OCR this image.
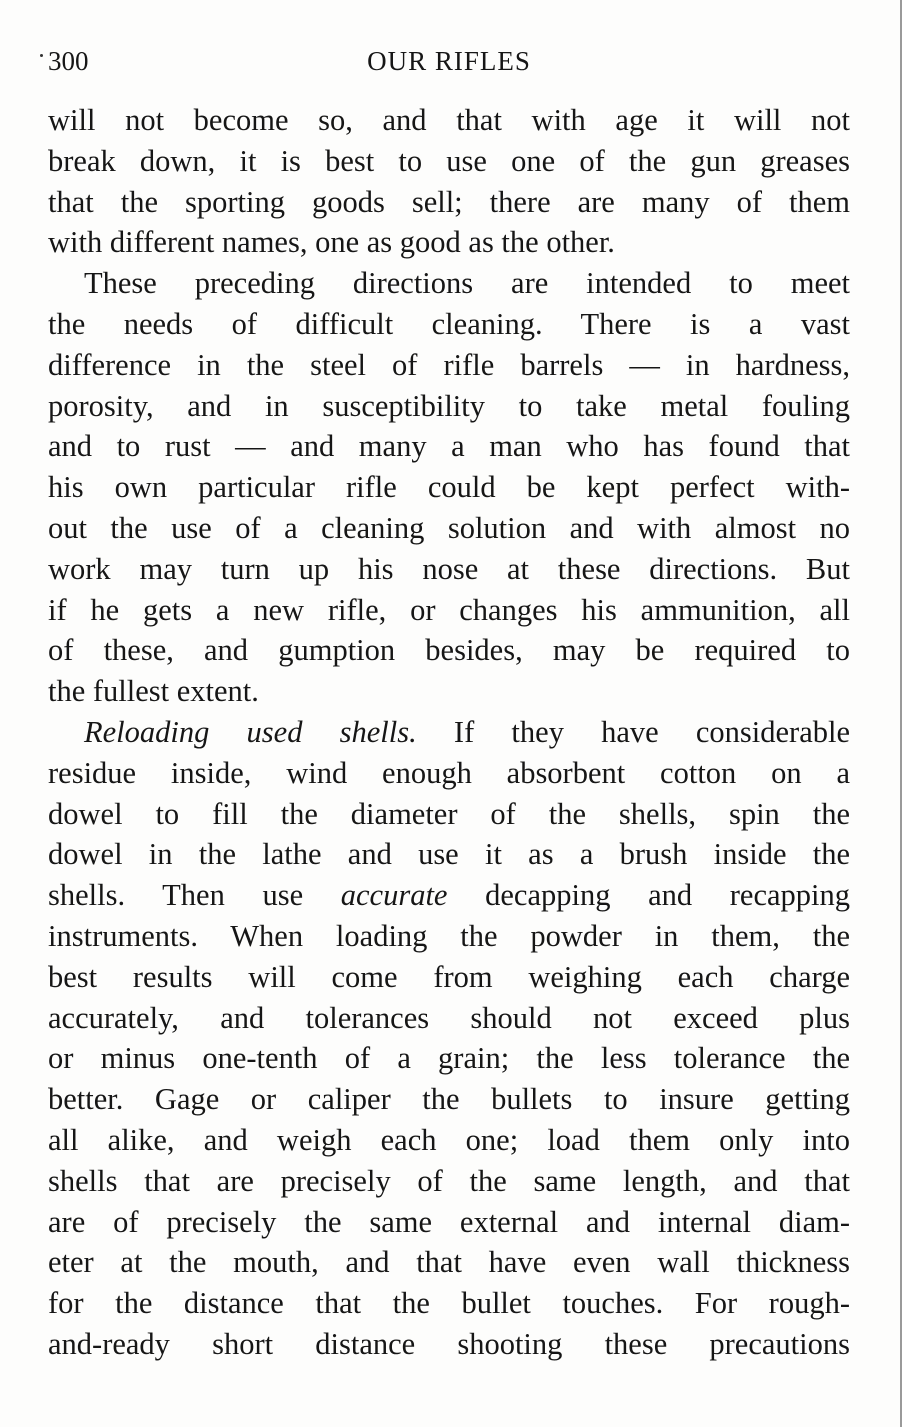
300	OUR RIFLES

will not become so, and that with age it will not
break down, it is best to use one of the gun greases
that the sporting goods sell; there are many of them
with different names, one as good as the other.

These preceding directions are intended to meet
the needs of difficult cleaning. There is a vast
difference in the steel of rifle barrels — in hardness,
porosity, and in susceptibility to take metal fouling
and to rust — and many a man who has found that
his own particular rifle could be kept perfect with-
out the use of a cleaning solution and with almost no
work may turn up his nose at these directions. But
if he gets a new rifle, or changes his ammunition, all
of these, and gumption besides, may be required to
the fullest extent.

Reloading used shells. If they have considerable
residue inside, wind enough absorbent cotton on a
dowel to fill the diameter of the shells, spin the
dowel in the lathe and use it as a brush inside the
shells. Then use accurate decapping and recapping
instruments. When loading the powder in them, the
best results will come from weighing each charge
accurately, and tolerances should not exceed plus
or minus one-tenth of a grain; the less tolerance the
better. Gage or caliper the bullets to insure getting
all alike, and weigh each one; load them only into
shells that are precisely of the same length, and that
are of precisely the same external and internal diam-
eter at the mouth, and that have even wall thickness
for the distance that the bullet touches. For rough-
and-ready short distance shooting these precautions
